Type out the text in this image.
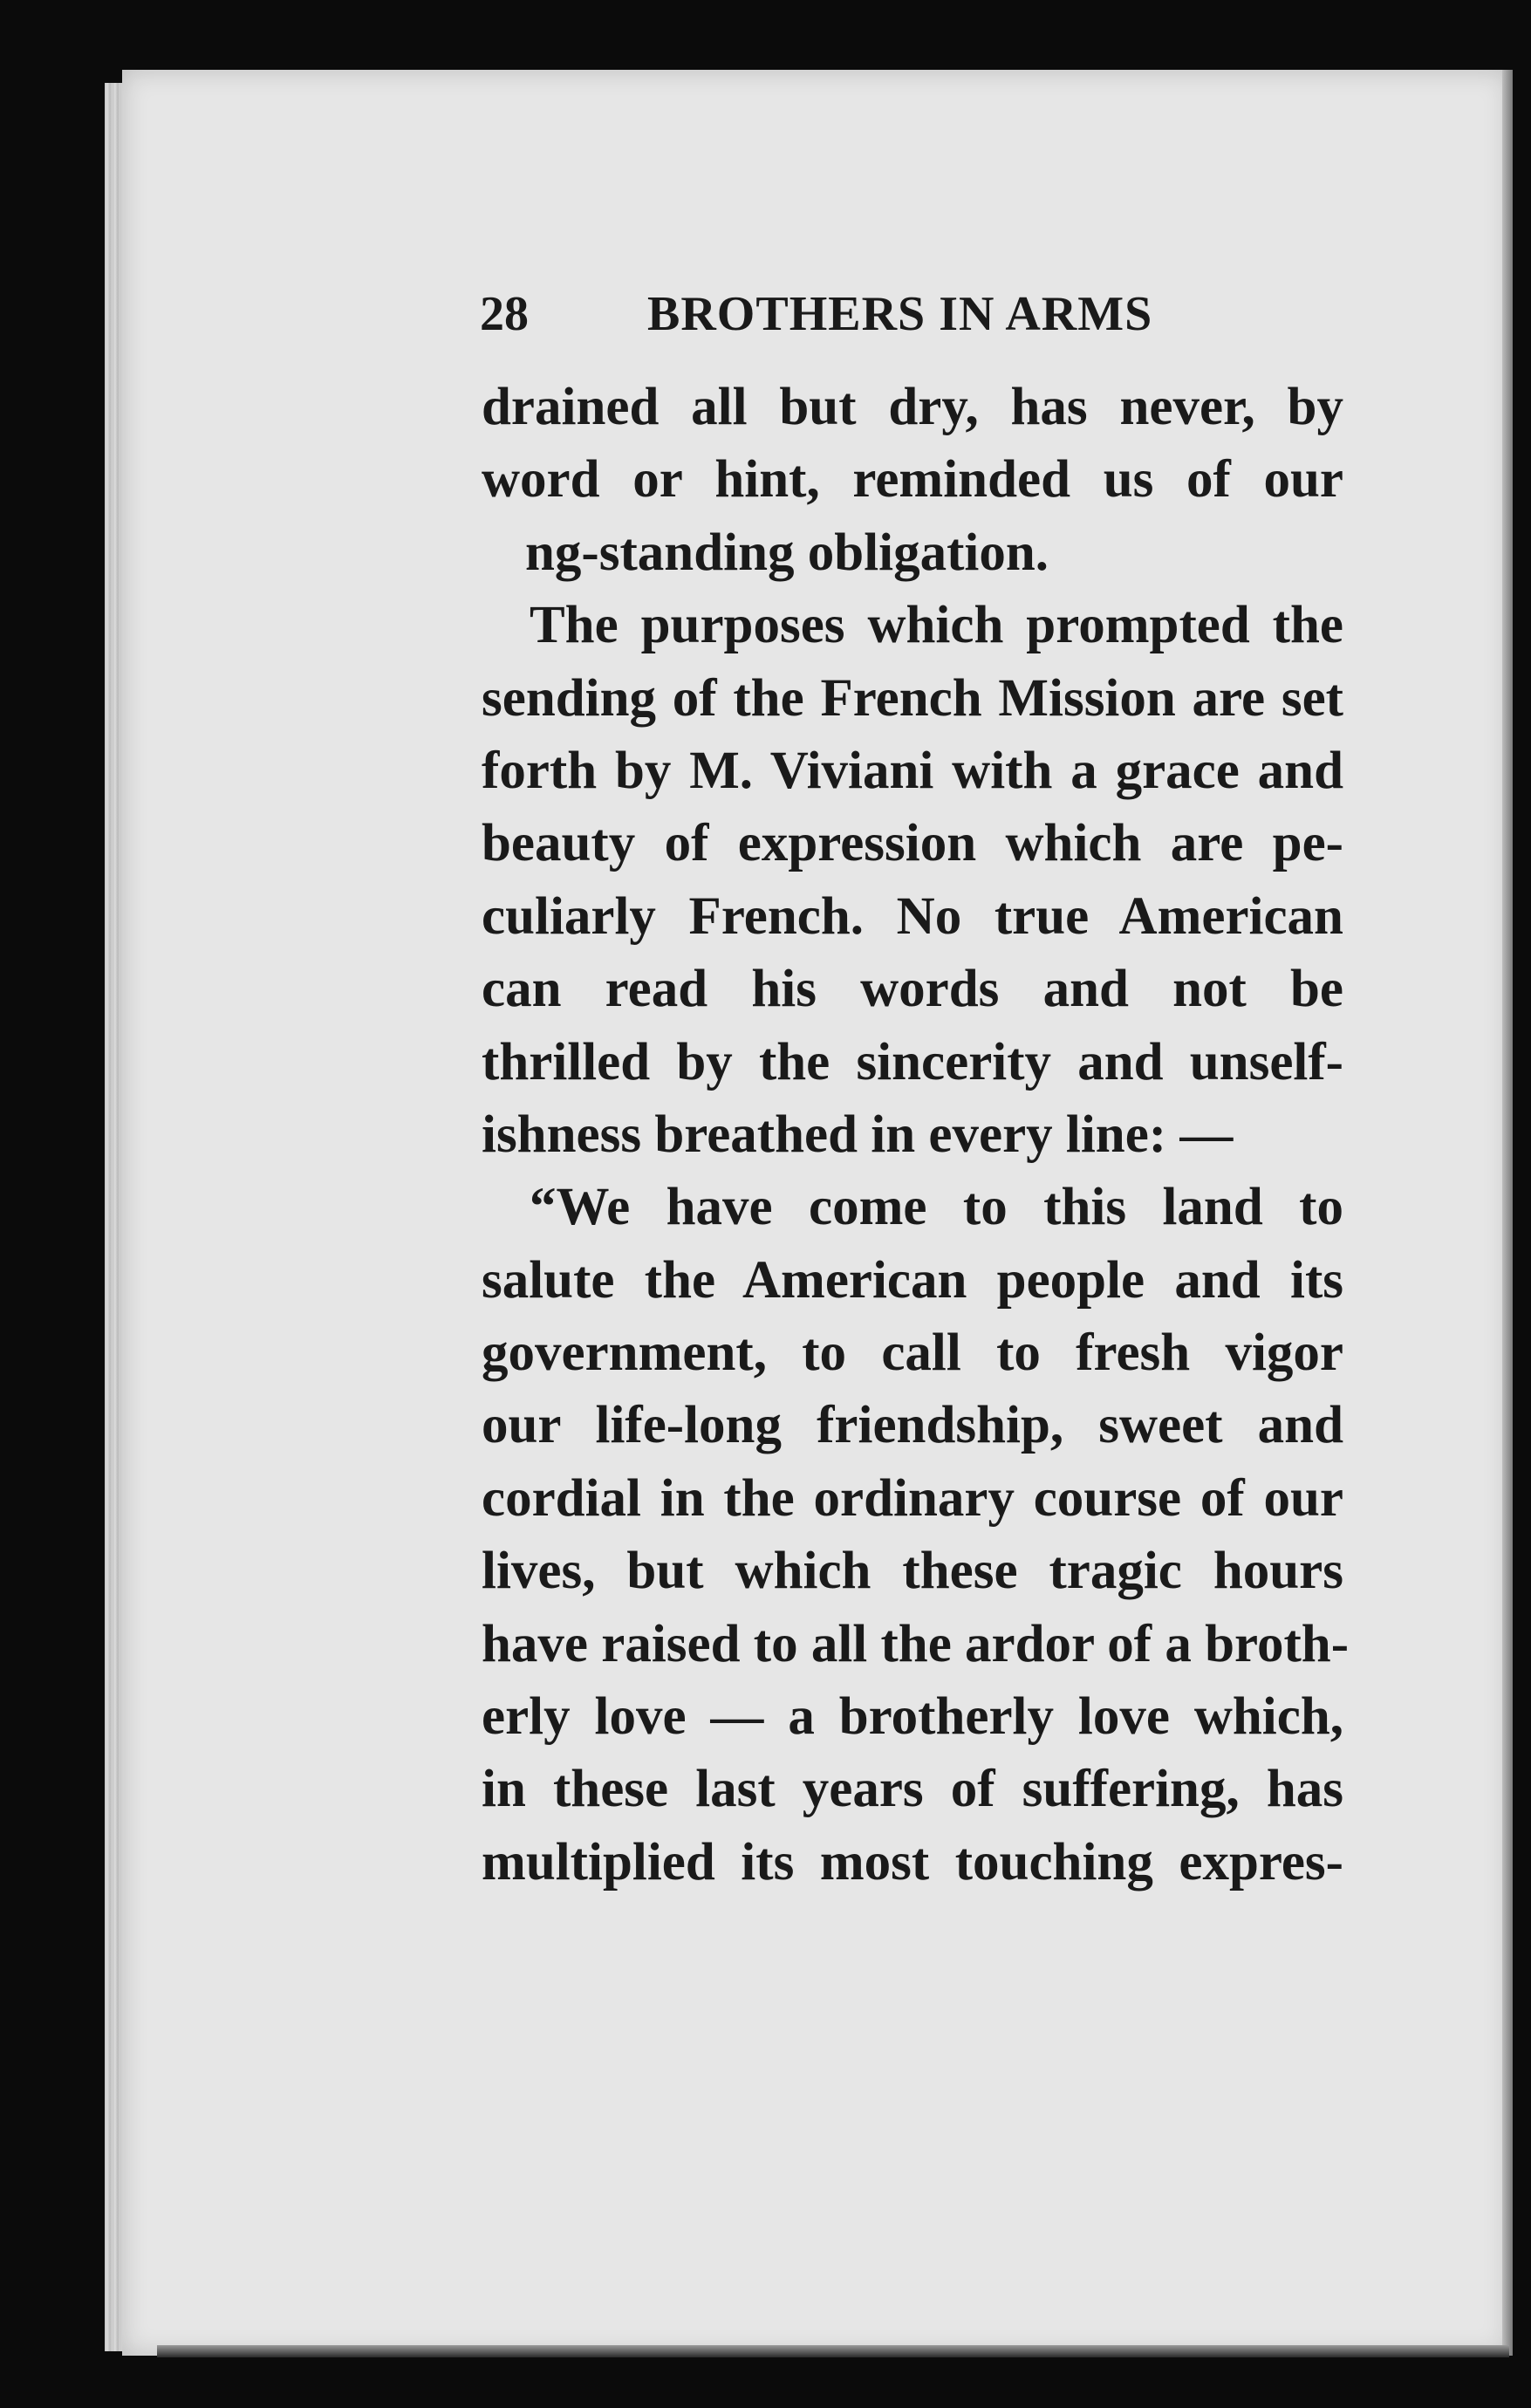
28 BROTHERS IN ARMS
drained all but dry, has never, by
word or hint, reminded us of our
ng-standing obligation.
The purposes which prompted the
sending of the French Mission are set
forth by M. Viviani with a grace and
beauty of expression which are pe-
culiarly French. No true American
can read his words and not be
thrilled by the sincerity and unself-
ishness breathed in every line: —
“We have come to this land to
salute the American people and its
government, to call to fresh vigor
our life-long friendship, sweet and
cordial in the ordinary course of our
lives, but which these tragic hours
have raised to all the ardor of a broth-
erly love — a brotherly love which,
in these last years of suffering, has
multiplied its most touching expres-
